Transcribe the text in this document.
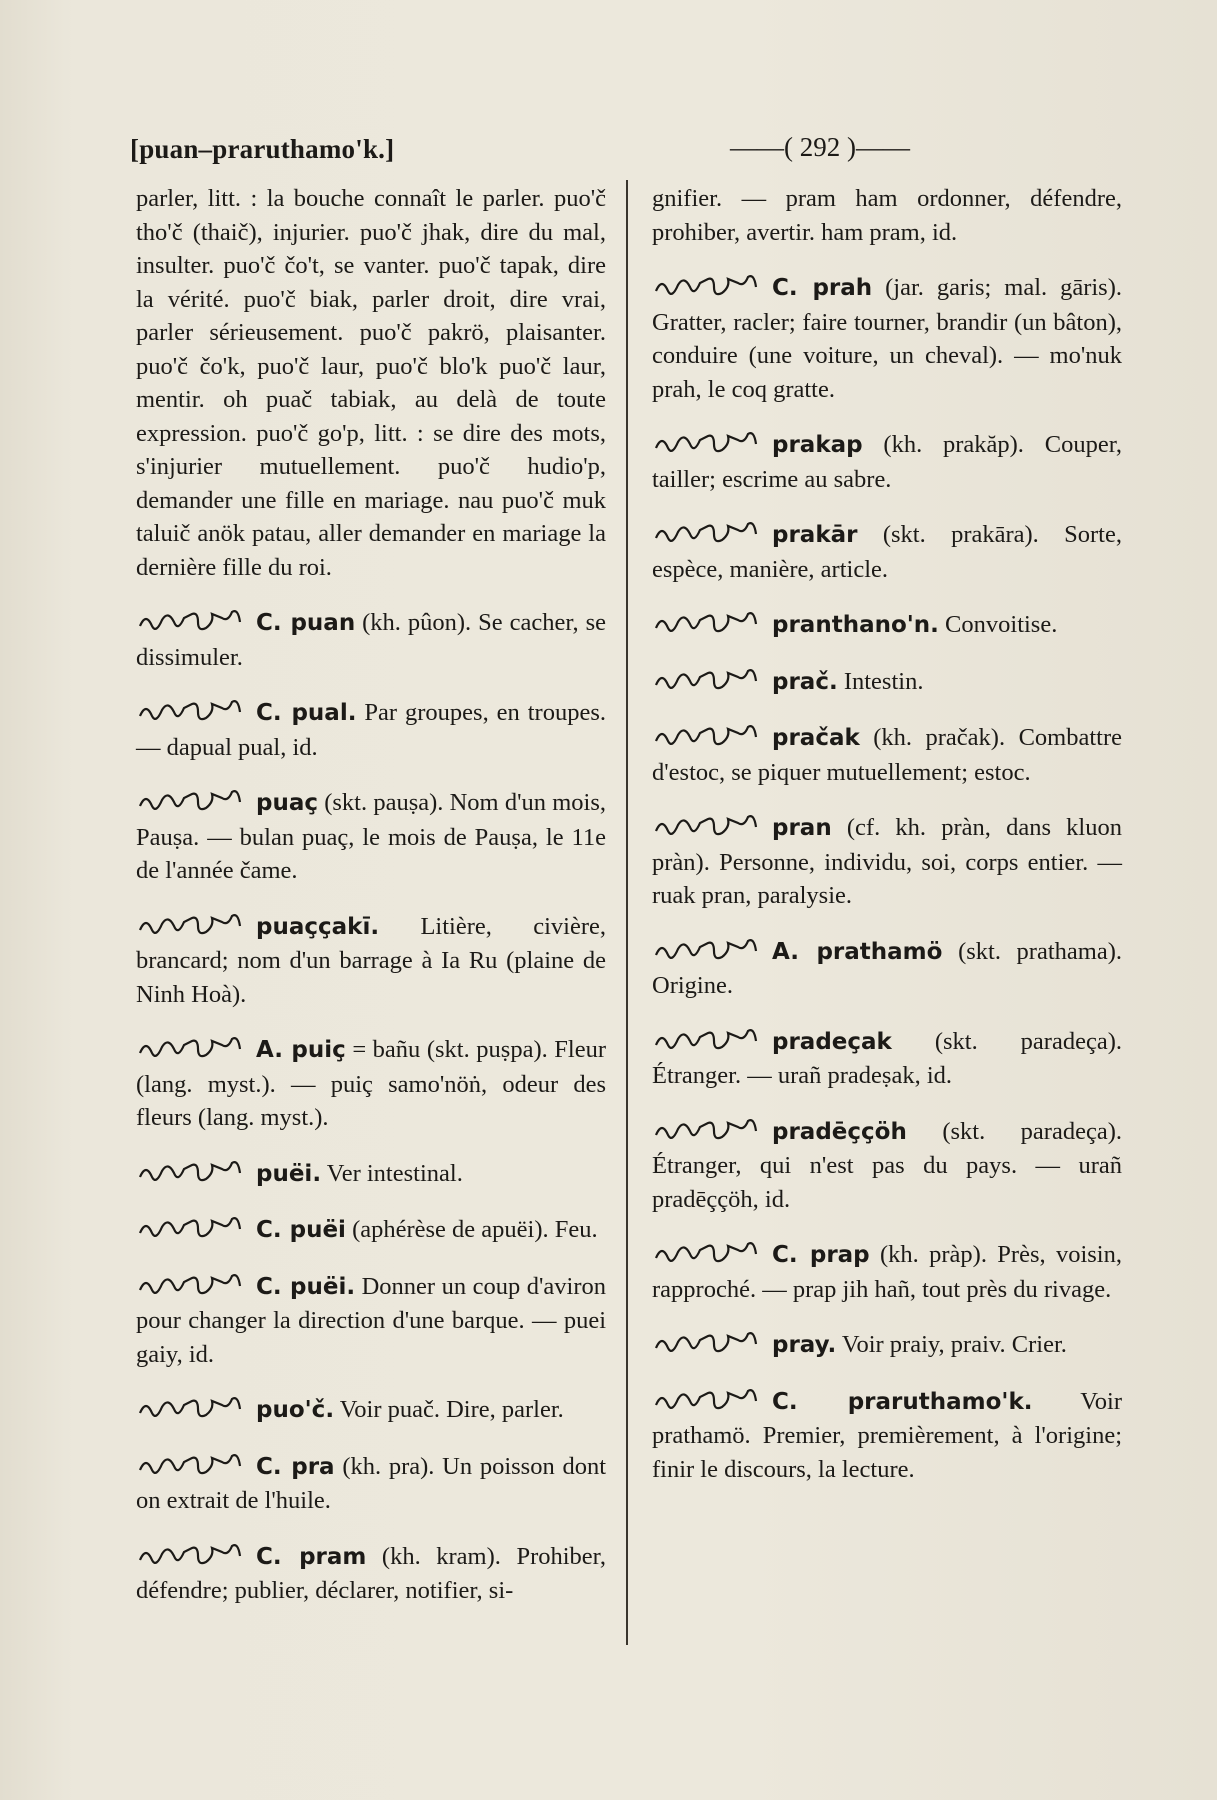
[puan–praruthamo'k.]	——( 292 )——
parler, litt. : la bouche connaît le parler. puo'č tho'č (thaič), injurier. puo'č jhak, dire du mal, insulter. puo'č čo't, se vanter. puo'č tapak, dire la vérité. puo'č biak, parler droit, dire vrai, parler sérieusement. puo'č pakrö, plaisanter. puo'č čo'k, puo'č laur, puo'č blo'k puo'č laur, mentir. oh puač tabiak, au delà de toute expression. puo'č go'p, litt. : se dire des mots, s'injurier mutuellement. puo'č hudio'p, demander une fille en mariage. nau puo'č muk taluič anök patau, aller demander en mariage la dernière fille du roi.
C. puan (kh. pûon). Se cacher, se dissimuler.
C. pual. Par groupes, en troupes. — dapual pual, id.
puaç (skt. pauṣa). Nom d'un mois, Pauṣa. — bulan puaç, le mois de Pauṣa, le 11e de l'année čame.
puaççakī. Litière, civière, brancard; nom d'un barrage à Ia Ru (plaine de Ninh Hoà).
A. puiç = bañu (skt. puṣpa). Fleur (lang. myst.). — puiç samo'nöṅ, odeur des fleurs (lang. myst.).
puëi. Ver intestinal.
C. puëi (aphérèse de apuëi). Feu.
C. puëi. Donner un coup d'aviron pour changer la direction d'une barque. — puei gaiy, id.
puo'č. Voir puač. Dire, parler.
C. pra (kh. pra). Un poisson dont on extrait de l'huile.
C. pram (kh. kram). Prohiber, défendre; publier, déclarer, notifier, si-
gnifier. — pram ham ordonner, défendre, prohiber, avertir. ham pram, id.
C. prah (jar. garis; mal. gāris). Gratter, racler; faire tourner, brandir (un bâton), conduire (une voiture, un cheval). — mo'nuk prah, le coq gratte.
prakap (kh. prakăp). Couper, tailler; escrime au sabre.
prakār (skt. prakāra). Sorte, espèce, manière, article.
pranthano'n. Convoitise.
prač. Intestin.
pračak (kh. pračak). Combattre d'estoc, se piquer mutuellement; estoc.
pran (cf. kh. pràn, dans kluon pràn). Personne, individu, soi, corps entier. — ruak pran, paralysie.
A. prathamö (skt. prathama). Origine.
pradeçak (skt. paradeça). Étranger. — urañ pradeṣak, id.
pradēççöh (skt. paradeça). Étranger, qui n'est pas du pays. — urañ pradēççöh, id.
C. prap (kh. pràp). Près, voisin, rapproché. — prap jih hañ, tout près du rivage.
pray. Voir praiy, praiv. Crier.
C. praruthamo'k. Voir prathamö. Premier, premièrement, à l'origine; finir le discours, la lecture.
